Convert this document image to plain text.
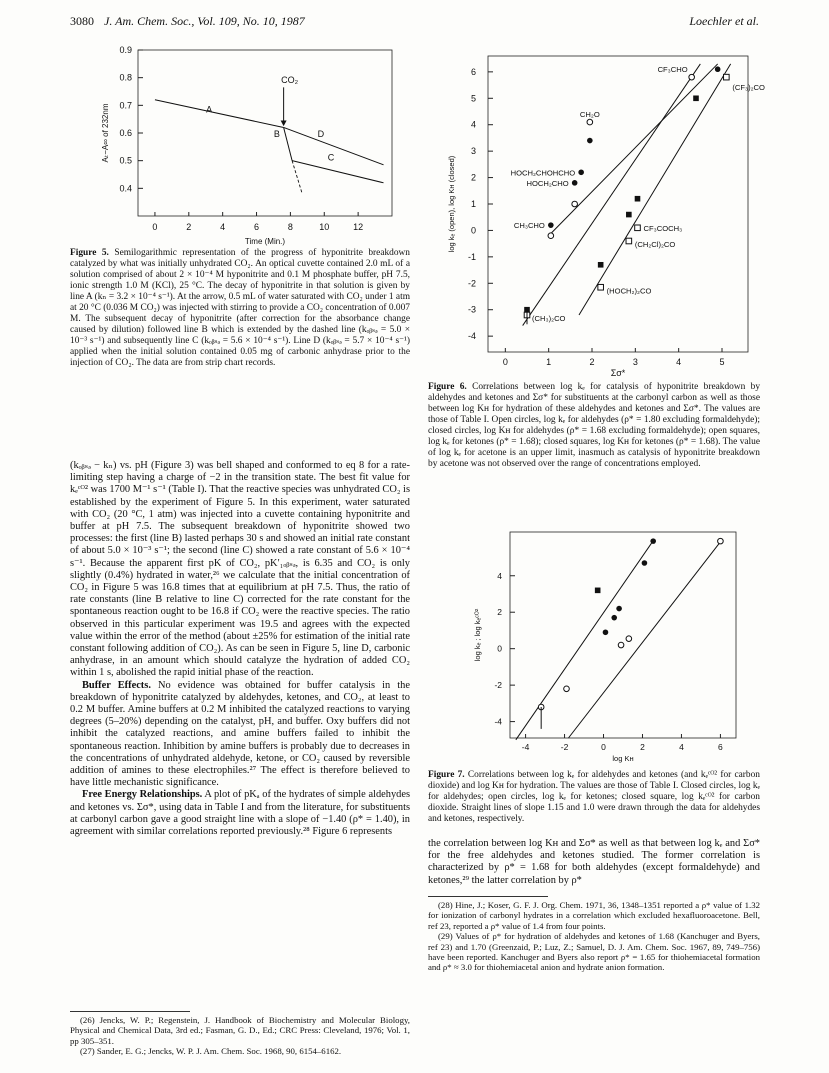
3080 J. Am. Chem. Soc., Vol. 109, No. 10, 1987	Loechler et al.
0	2	4	6	8	10	12
0.9
0.8
0.7
0.6
0.5
0.4
Time (Min.)
Aₜ−A∞ of 232nm	A
B
C
D
CO₂
Figure 5. Semilogarithmic representation of the progress of hyponitrite breakdown catalyzed by what was initially unhydrated CO₂. An optical cuvette contained 2.0 mL of a solution comprised of about 2 × 10⁻⁴ M hyponitrite and 0.1 M phosphate buffer, pH 7.5, ionic strength 1.0 M (KCl), 25 °C. The decay of hyponitrite in that solution is given by line A (kₙ = 3.2 × 10⁻⁴ s⁻¹). At the arrow, 0.5 mL of water saturated with CO₂ under 1 atm at 20 °C (0.036 M CO₂) was injected with stirring to provide a CO₂ concentration of 0.007 M. The subsequent decay of hyponitrite (after correction for the absorbance change caused by dilution) followed line B which is extended by the dashed line (kₒᵦₛₔ = 5.0 × 10⁻³ s⁻¹) and subsequently line C (kₒᵦₛₔ = 5.6 × 10⁻⁴ s⁻¹). Line D (kₒᵦₛₔ = 5.7 × 10⁻⁴ s⁻¹) applied when the initial solution contained 0.05 mg of carbonic anhydrase prior to the injection of CO₂. The data are from strip chart records.

(kₒᵦₛₔ − kₙ) vs. pH (Figure 3) was bell shaped and conformed to eq 8 for a rate-limiting step having a charge of −2 in the transition state. The best fit value for kₑᶜᴼ² was 1700 M⁻¹ s⁻¹ (Table I). That the reactive species was unhydrated CO₂ is established by the experiment of Figure 5. In this experiment, water saturated with CO₂ (20 °C, 1 atm) was injected into a cuvette containing hyponitrite and buffer at pH 7.5. The subsequent breakdown of hyponitrite showed two processes: the first (line B) lasted perhaps 30 s and showed an initial rate constant of about 5.0 × 10⁻³ s⁻¹; the second (line C) showed a rate constant of 5.6 × 10⁻⁴ s⁻¹. Because the apparent first pK of CO₂, pK′₁ₒᵦₛₔ, is 6.35 and CO₂ is only slightly (0.4%) hydrated in water,²⁶ we calculate that the initial concentration of CO₂ in Figure 5 was 16.8 times that at equilibrium at pH 7.5. Thus, the ratio of rate constants (line B relative to line C) corrected for the rate constant for the spontaneous reaction ought to be 16.8 if CO₂ were the reactive species. The ratio observed in this particular experiment was 19.5 and agrees with the expected value within the error of the method (about ±25% for estimation of the initial rate constant following addition of CO₂). As can be seen in Figure 5, line D, carbonic anhydrase, in an amount which should catalyze the hydration of added CO₂ within 1 s, abolished the rapid initial phase of the reaction.

Buffer Effects. No evidence was obtained for buffer catalysis in the breakdown of hyponitrite catalyzed by aldehydes, ketones, and CO₂, at least to 0.2 M buffer. Amine buffers at 0.2 M inhibited the catalyzed reactions to varying degrees (5–20%) depending on the catalyst, pH, and buffer. Oxy buffers did not inhibit the catalyzed reactions, and amine buffers failed to inhibit the spontaneous reaction. Inhibition by amine buffers is probably due to decreases in the concentrations of unhydrated aldehyde, ketone, or CO₂ caused by reversible addition of amines to these electrophiles.²⁷ The effect is therefore believed to have little mechanistic significance.

Free Energy Relationships. A plot of pKₐ of the hydrates of simple aldehydes and ketones vs. Σσ*, using data in Table I and from the literature, for substituents at carbonyl carbon gave a good straight line with a slope of −1.40 (ρ* = 1.40), in agreement with similar correlations reported previously.²⁸ Figure 6 represents

(26) Jencks, W. P.; Regenstein, J. Handbook of Biochemistry and Molecular Biology, Physical and Chemical Data, 3rd ed.; Fasman, G. D., Ed.; CRC Press: Cleveland, 1976; Vol. 1, pp 305–351.

(27) Sander, E. G.; Jencks, W. P. J. Am. Chem. Soc. 1968, 90, 6154–6162.

0	1	2	3	4	5
6
5
4
3
2
1
0
-1
-2
-3
-4
Σσ*
log kₑ (open), log Kʜ (closed)
CF₃CHO
CH₂O
(CF₃)₂CO
HOCH₂CHOHCHO
HOCH₂CHO
CH₃CHO	CF₃COCH₃
(CH₂Cl)₂CO
(HOCH₂)₂CO
(CH₃)₂CO
Figure 6. Correlations between log kₑ for catalysis of hyponitrite breakdown by aldehydes and ketones and Σσ* for substituents at the carbonyl carbon as well as those between log Kʜ for hydration of these aldehydes and ketones and Σσ*. The values are those of Table I. Open circles, log kₑ for aldehydes (ρ* = 1.80 excluding formaldehyde); closed circles, log Kʜ for aldehydes (ρ* = 1.68 excluding formaldehyde); open squares, log kₑ for ketones (ρ* = 1.68); closed squares, log Kʜ for ketones (ρ* = 1.68). The value of log kₑ for acetone is an upper limit, inasmuch as catalysis of hyponitrite breakdown by acetone was not observed over the range of concentrations employed.
-4	-2	0	2	4	6
4
2
0
-2
-4
log Kʜ
log kₑ ; log kₑᶜᴼ²
Figure 7. Correlations between log kₑ for aldehydes and ketones (and kₑᶜᴼ² for carbon dioxide) and log Kʜ for hydration. The values are those of Table I. Closed circles, log kₑ for aldehydes; open circles, log kₑ for ketones; closed square, log kₑᶜᴼ² for carbon dioxide. Straight lines of slope 1.15 and 1.0 were drawn through the data for aldehydes and ketones, respectively.

the correlation between log Kʜ and Σσ* as well as that between log kₑ and Σσ* for the free aldehydes and ketones studied. The former correlation is characterized by ρ* = 1.68 for both aldehydes (except formaldehyde) and ketones,²⁹ the latter correlation by ρ*

(28) Hine, J.; Koser, G. F. J. Org. Chem. 1971, 36, 1348–1351 reported a ρ* value of 1.32 for ionization of carbonyl hydrates in a correlation which excluded hexafluoroacetone. Bell, ref 23, reported a ρ* value of 1.4 from four points.

(29) Values of ρ* for hydration of aldehydes and ketones of 1.68 (Kanchuger and Byers, ref 23) and 1.70 (Greenzaid, P.; Luz, Z.; Samuel, D. J. Am. Chem. Soc. 1967, 89, 749–756) have been reported. Kanchuger and Byers also report ρ* = 1.65 for thiohemiacetal formation and ρ* ≈ 3.0 for thiohemiacetal anion and hydrate anion formation.
